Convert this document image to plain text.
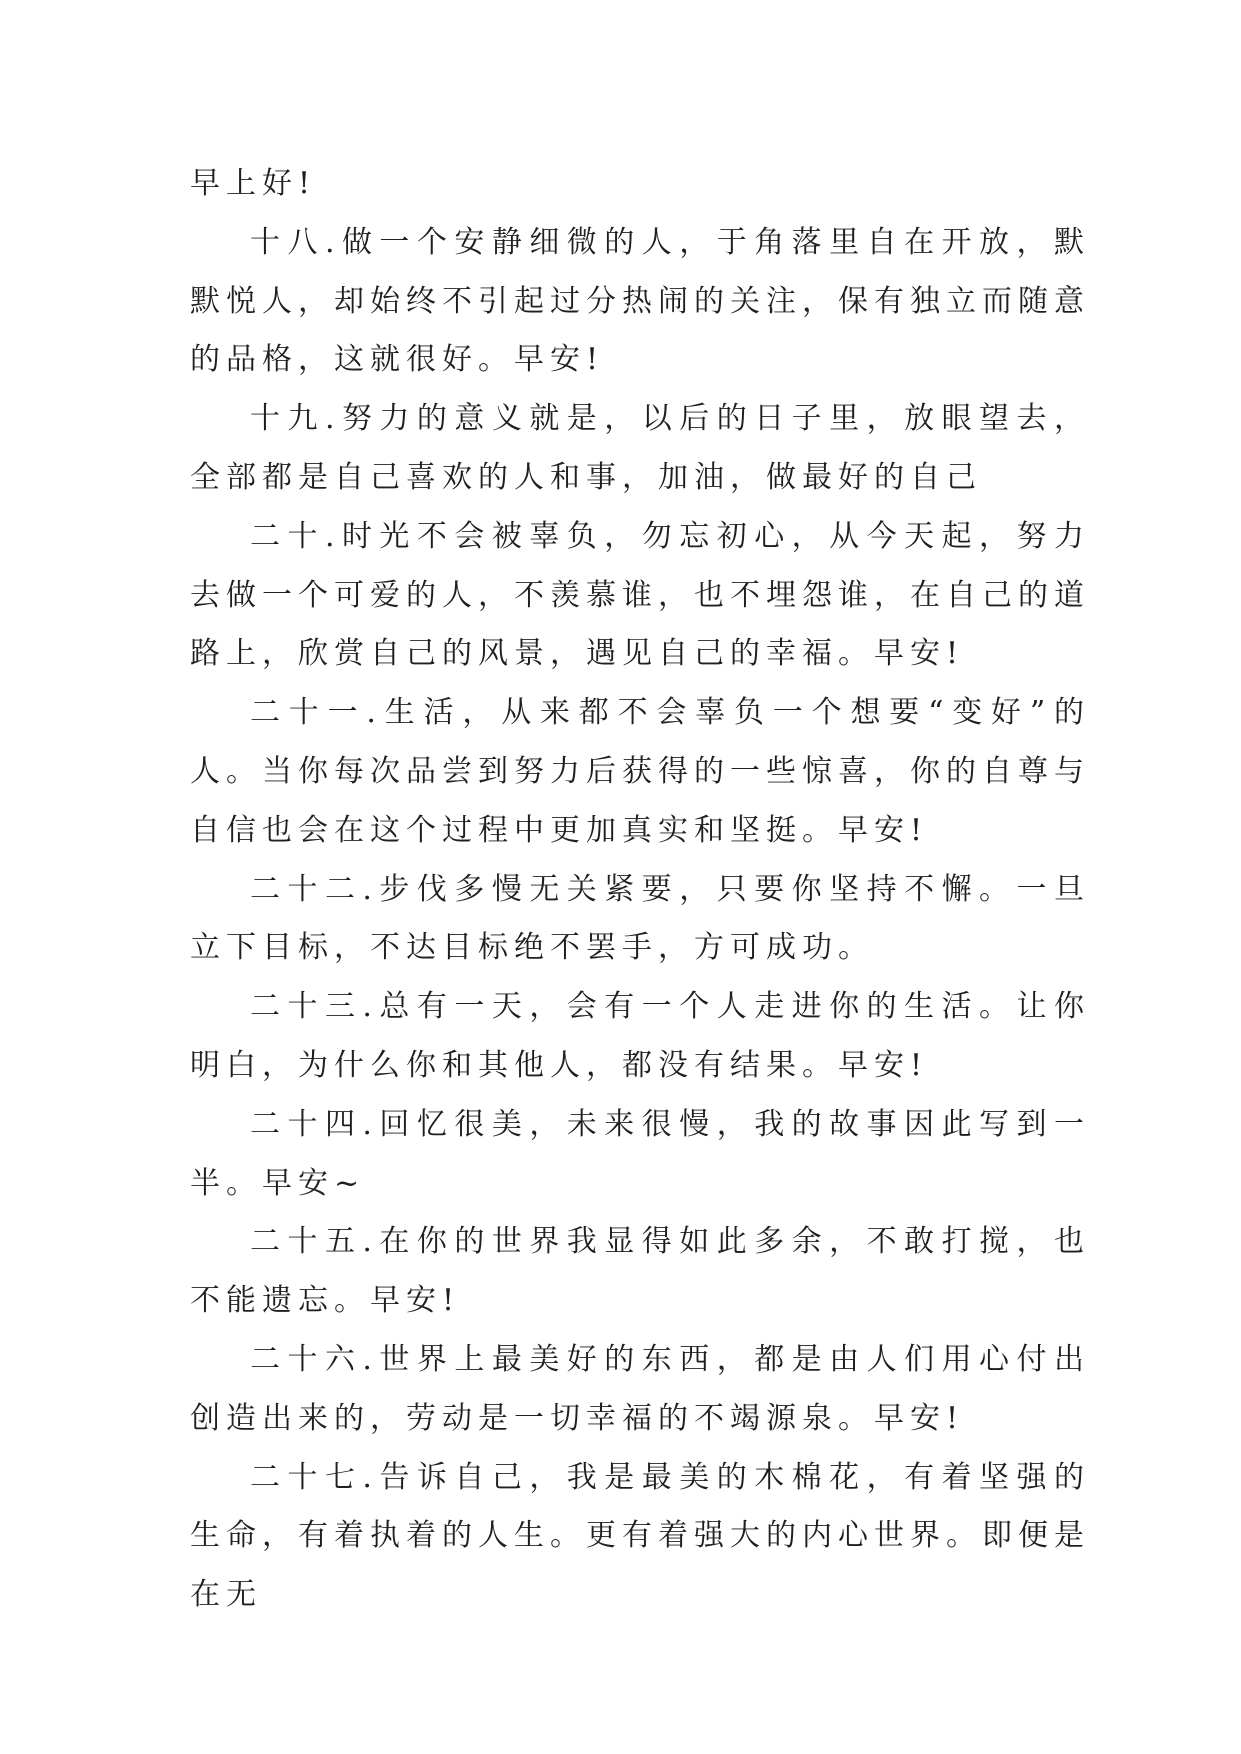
早上好!

十八.做一个安静细微的人，于角落里自在开放，默默悦人，却始终不引起过分热闹的关注，保有独立而随意的品格，这就很好。早安!

十九.努力的意义就是，以后的日子里，放眼望去，全部都是自己喜欢的人和事，加油，做最好的自己

二十.时光不会被辜负，勿忘初心，从今天起，努力去做一个可爱的人，不羡慕谁，也不埋怨谁，在自己的道路上，欣赏自己的风景，遇见自己的幸福。早安!

二十一.生活，从来都不会辜负一个想要“变好”的人。当你每次品尝到努力后获得的一些惊喜，你的自尊与自信也会在这个过程中更加真实和坚挺。早安!

二十二.步伐多慢无关紧要，只要你坚持不懈。一旦立下目标，不达目标绝不罢手，方可成功。

二十三.总有一天，会有一个人走进你的生活。让你明白，为什么你和其他人，都没有结果。早安!

二十四.回忆很美，未来很慢，我的故事因此写到一半。早安~

二十五.在你的世界我显得如此多余，不敢打搅，也不能遗忘。早安!

二十六.世界上最美好的东西，都是由人们用心付出创造出来的，劳动是一切幸福的不竭源泉。早安!

二十七.告诉自己，我是最美的木棉花，有着坚强的生命，有着执着的人生。更有着强大的内心世界。即便是在无
